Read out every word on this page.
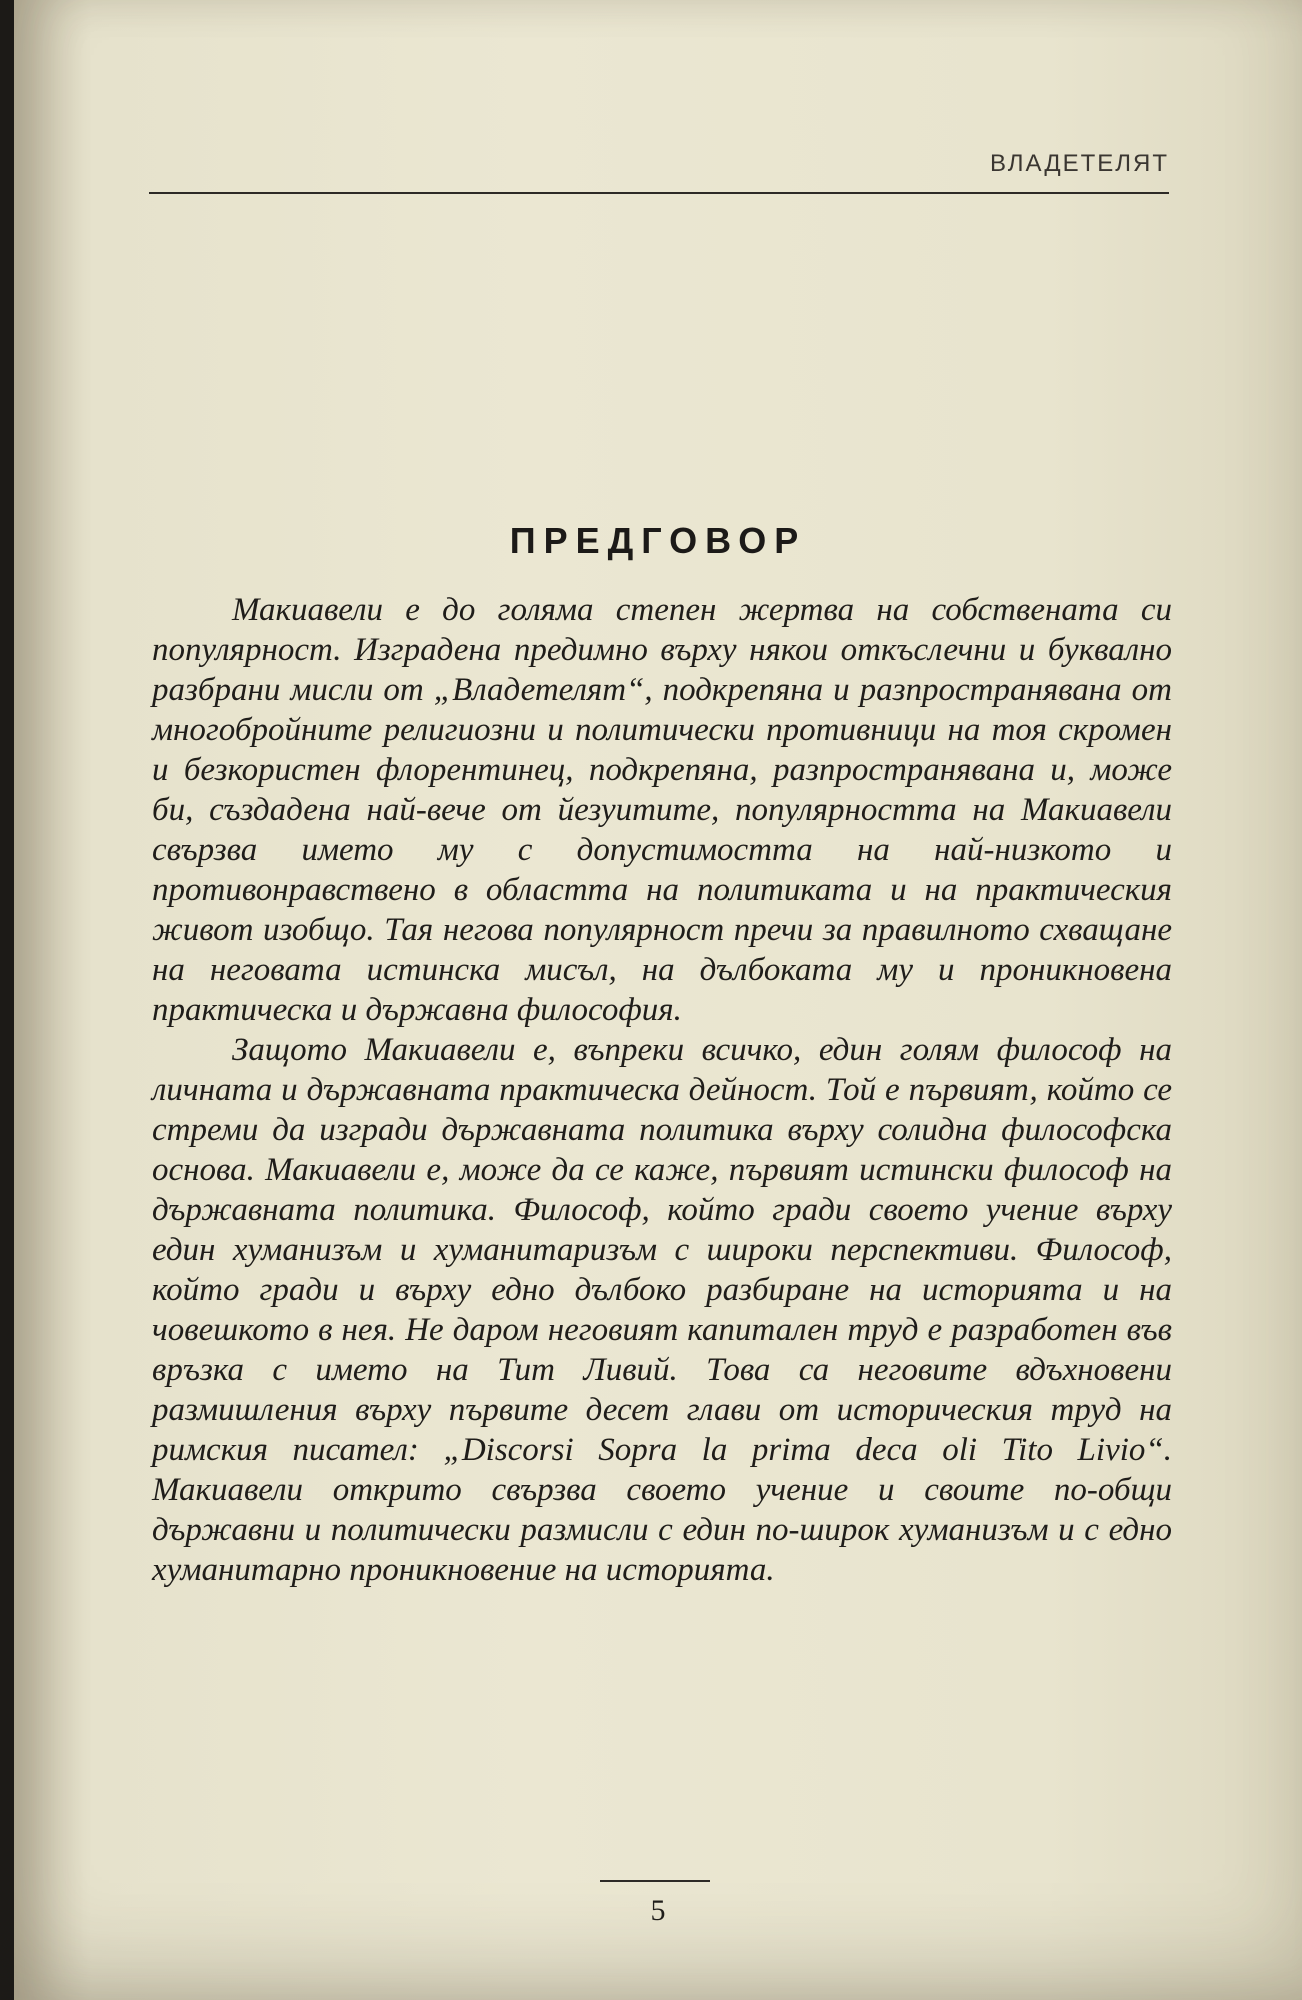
ВЛАДЕТЕЛЯТ
ПРЕДГОВОР

Макиавели е до голяма степен жертва на собствената си популярност. Изградена предимно върху някои откъслечни и буквално разбрани мисли от „Владетелят“, подкрепяна и разпространявана от многобройните религиозни и политически противници на тоя скромен и безкористен флорентинец, подкрепяна, разпространявана и, може би, създадена най-вече от йезуитите, популярността на Макиавели свързва името му с допустимостта на най-низкото и противонравствено в областта на политиката и на практическия живот изобщо. Тая негова популярност пречи за правилното схващане на неговата истинска мисъл, на дълбоката му и проникновена практическа и държавна философия.

Защото Макиавели е, въпреки всичко, един голям философ на личната и държавната практическа дейност. Той е първият, който се стреми да изгради държавната политика върху солидна философска основа. Макиавели е, може да се каже, първият истински философ на държавната политика. Философ, който гради своето учение върху един хуманизъм и хуманитаризъм с широки перспективи. Философ, който гради и върху едно дълбоко разбиране на историята и на човешкото в нея. Не даром неговият капитален труд е разработен във връзка с името на Тит Ливий. Това са неговите вдъхновени размишления върху първите десет глави от историческия труд на римския писател: „Discorsi Sopra la prima deca oli Tito Livio“. Макиавели открито свързва своето учение и своите по-общи държавни и политически размисли с един по-широк хуманизъм и с едно хуманитарно проникновение на историята.

5
